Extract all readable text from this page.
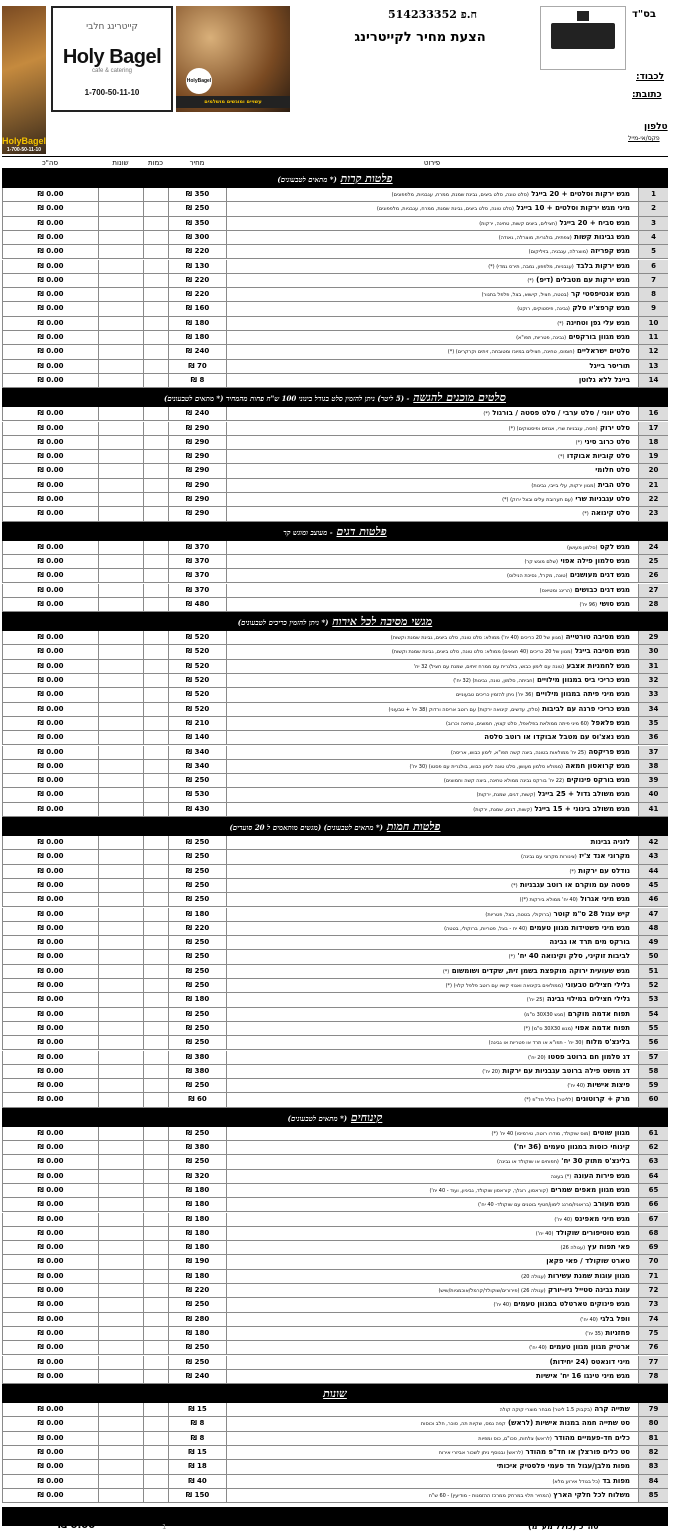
HolyBagel
1-700-50-11-10
קייטרינג חלבי
Holy Bagel
cafe & catering
1-700-50-11-10
HolyBagel
עשויים ומוגשים מושלמים
ח.פ 514233352
הצעת מחיר לקייטרינג
בס"ד
לכבוד:
כתובת:
טלפון
פקס/אי-מייל
סה"כ	שונות	כמות	מחיר	פירוט
פלטות קרות (* מתאים לטבעונים)
₪ 0.00	₪ 350	מגש ירקות וסלטים + 20 בייגל (סלט טונה, סלט ביצים, גבינת שמנת, ממרח, עגבניות, מלפפונים)	1
₪ 0.00	₪ 250	מיני מגש ירקות וסלטים + 10 בייגל (סלט טונה, סלט ביצים, גבינת שמנת, ממרח, עגבניות, מלפפונים)	2
₪ 0.00	₪ 350	מגש סביח + 20 בייגל (חצילים, ביצים קשות, טחינה, ירקות)	3
₪ 0.00	₪ 300	מגש גבינות קשות (צפתית, בולגרית, מוצרלה, גאודה)	4
₪ 0.00	₪ 220	מגש קפריזה (מוצרלה, עגבניה, בזיליקום)	5
₪ 0.00	₪ 130	מגש ירקות בלבד (עגבניות, מלפפון, גמבה, תירס גמדי) (*)	6
₪ 0.00	₪ 220	מגש ירקות עם מטבלים (דיפ) (*)	7
₪ 0.00	₪ 220	מגש אנטיפסטי קר (בטטה, חציל, קישוא, בצל, פלפל בתנור)	8
₪ 0.00	₪ 160	מגש קרפצ'יו סלק (גבינה, פיסטוקים, רוקט)	9
₪ 0.00	₪ 180	מגש עלי גפן וטחינה (*)	10
₪ 0.00	₪ 180	מגש מגוון בורקסים (גבינה, פטריות, תפו"א)	11
₪ 0.00	₪ 240	סלטים ישראליים (חומוס, טחינה, חצילים במיונז ומטובחה, זיתים וקרקרים) (*)	12
₪ 0.00	₪ 70	תוריסר בייגל	13
₪ 0.00	₪ 8	בייגל ללא גלוטן	14
סלטים מוכנים להגשה - (5 ליטר) ניתן להזמין סלט בגודל בינוני 100 ש"ח פחות מהמחיר (* מתאים לטבעונים)
₪ 0.00	₪ 240	סלט יווני / סלט ערבי / סלט פסטה / בורגול (*)	16
₪ 0.00	₪ 290	סלט ירוק (חסה, עגבניות שרי, אגוזים ופיסטוקים) (*)	17
₪ 0.00	₪ 290	סלט כרוב סיני (*)	18
₪ 0.00	₪ 290	סלט קוביות אבוקדו (*)	19
₪ 0.00	₪ 290	סלט חלומי	20
₪ 0.00	₪ 290	סלט הבית (מגוון ירקות, עלי בייבי, גבינות)	21
₪ 0.00	₪ 290	סלט עגבניות שרי (עם תערובת עלים ובצל ירוק) (*)	22
₪ 0.00	₪ 290	סלט קינואה (*)	23
פלטות דגים - מעוצב ומוגש קר
₪ 0.00	₪ 370	מגש לקס (סלמון מעושן)	24
₪ 0.00	₪ 370	מגש סלמון פילה אפוי (שלם מוגש קר)	25
₪ 0.00	₪ 370	מגש דגים מעושנים (טונה, מקרל, נסיכת הנילוס)	26
₪ 0.00	₪ 370	מגש דגים כבושים (הרינג ומטיאס)	27
₪ 0.00	₪ 480	מגש סושי (96 יח')	28
מגשי מסיבה לכל אירוח (* ניתן להזמין כריכים לטבעונים)
₪ 0.00	₪ 520	מגש מסיבה טורטייה (מגוון של 20 כריכים (40 יח') ממולא: סלט טונה, סלט ביצים, גבינת שמנת וקשות)	29
₪ 0.00	₪ 520	מגש מסיבה בייגל (מגוון של 20 כריכים (40 חצאים) ממולא: סלט טונה, סלט ביצים, גבינת שמנת וקשות)	30
₪ 0.00	₪ 520	מגש לחמניות אצבע (טונה עם לימון כבוש, בולגרית עם ממרח זיתים, שמנת עם חציל) 32 יח'	31
₪ 0.00	₪ 520	מגש כריכי ביס במגוון מילויים (חביתה, סלמון, טונה, גבינות) (32 יח')	32
₪ 0.00	₪ 520	מגש מיני פיתה במגוון מילויים (36 יח') ניתן להזמין כריכים טבעוניים	33
₪ 0.00	₪ 520	מגש כריכי פרנה עם לביבות (סלק, עדשים, קינואה ירקות) עם רוטב אריסה ורדוק (38 יח' + טבעוני)	34
₪ 0.00	₪ 210	מגש פלאפל (60 מיני פיתה ממולאת בפלאפל, סלט קצוץ, חמוצים, טחינה וכרוב)	35
₪ 0.00	₪ 140	מגש נאצ'וס עם מטבל אבוקדו או רוטב סלסה	36
₪ 0.00	₪ 340	מגש פריקסה (25 יח' ממולאות בטונה, ביצה קשה תפו"א, לימון כבוש, אריסה)	37
₪ 0.00	₪ 340	מגש קרואסון חמאה (ממולא סלמון מעושן, סלט טונה לימון כבוש, בולגרית עם פסטו) (30 יח')	38
₪ 0.00	₪ 250	מגש בורקס פינוקים (22 יח' בורקס גבינה ממולא טחינה, ביצה קשה וחמוצים)	39
₪ 0.00	₪ 530	מגש משולב גדול + 25 בייגל (קשות, דגים, שמנת, ירקות)	40
₪ 0.00	₪ 430	מגש משולב בינוני + 15 בייגל (קשות, דגים, שמנת, ירקות)	41
פלטות חמות (* מתאים לטבעונים) (מגשים מותאמים ל 20 סועדים)
₪ 0.00	₪ 250	לזניה גבינות	42
₪ 0.00	₪ 250	מקרוני אנד צ'יז (צינורות מקרוני עם גבינה)	43
₪ 0.00	₪ 250	נודלס עם ירקות (*)	44
₪ 0.00	₪ 250	פסטה עם מוקרם או רוטב עגבניות (*)	45
₪ 0.00	₪ 250	מגש מיני אגרול (40 יח' ממולא בירקות (*))	46
₪ 0.00	₪ 180	קיש עגול 28 ס"מ קוטר (ברוקולי, בטטה, בצל, פטריות)	47
₪ 0.00	₪ 220	מגש מיני פשטידות מגוון טעמים (40 יח - בצל, פטריות, ברוקולי, בטטה)	48
₪ 0.00	₪ 250	בורקס מים תרד או גבינה	49
₪ 0.00	₪ 250	לביבות זוקיני, סלק וקינואה 40 יח' (*)	50
₪ 0.00	₪ 250	מגש שעועית ירוקה מוקפצת בשמן זית, שקדים ושומשום (*)	51
₪ 0.00	₪ 250	גלילי חצילים טבעוני (ממולאים בקינואה ואגוזי קשיו עם רוטב פלפל קלוי) (*)	52
₪ 0.00	₪ 180	גלילי חצילים במילוי גבינה (25 יח')	53
₪ 0.00	₪ 250	תפוח אדמה מוקרם (מגש 30X30 ס"מ)	54
₪ 0.00	₪ 250	תפוח אדמה אפוי (מגש 30X30 ס"מ) (*)	55
₪ 0.00	₪ 250	בלינצ'ס מלוח (30 יח' - תפו"א או תרד או פטריות או גבינה)	56
₪ 0.00	₪ 380	דג סלמון חם ברוטב פסטו (20 יח')	57
₪ 0.00	₪ 380	דג מושט פילה ברוטב עגבניות עם ירקות (20 יח')	58
₪ 0.00	₪ 250	פיצות אישיות (40 יח')	59
₪ 0.00	₪ 60	מרק + קרוטונים (לליטר) כולל חד"פ (*)	60
קינוחים (* מתאים לטבעונים)
₪ 0.00	₪ 250	מגוון שוטים (מוס שוקולד, מודרו רוטה, טירמיסו) 40 יח' (*)	61
₪ 0.00	₪ 380	קינוחי כוסות במגוון טעמים (36 יח')	62
₪ 0.00	₪ 250	בלינצ'ס מתוק 30 יח' (תפוחים או שוקולד או גבינה)	63
₪ 0.00	₪ 320	מגש פירות העונה (*) בעונה	64
₪ 0.00	₪ 180	מגש מגוון מאפים שמרים (קוראסון, רוגלך, קוראסון שוקולד, גביניון, ועוד - 40 יח')	65
₪ 0.00	₪ 180	מגש מעורב (בראוניז/מרנג לימון/חטיף בוטנים עם שוקולד- 40 יח')	66
₪ 0.00	₪ 180	מגש מיני מאפינס (40 יח')	67
₪ 0.00	₪ 180	מגש טוטיפורים שוקולד (40 יח')	68
₪ 0.00	₪ 180	פאי תפוח עץ (עגולה 26)	69
₪ 0.00	₪ 190	טארט שוקולד / פאי פקאן	70
₪ 0.00	₪ 180	מגוון עוגות שמנת עשירות (עגולה 20)	71
₪ 0.00	₪ 220	עוגת גבינה סטייל ניו-יורק (עגולה 26) (פירורים/שוקולד/קרמל/אוכמניות/שיש)	72
₪ 0.00	₪ 250	מגש פינוקים טארטלט במגוון טעמים (40 יח')	73
₪ 0.00	₪ 280	וופל בלגי (40 יח')	74
₪ 0.00	₪ 180	פחזניות (35 יח')	75
₪ 0.00	₪ 250	ארטיק מגוון מגוון טעמים (40 יח')	76
₪ 0.00	₪ 250	מיני דונאטס (24 יחידות)	77
₪ 0.00	₪ 240	מגש מיני טינגו 16 יח' אישיות	78
שונות
₪ 0.00	₪ 15	שתייה קרה (בקבוק 1.5 ליטר) מבחר מוצרי קוקה קולה	79
₪ 0.00	₪ 8	סט שתייה חמה במנות אישיות (לראש) קפה נמס, שקיות תה, סוכר, חלב וכוסות	80
₪ 0.00	₪ 8	כלים חד-פעמיים מהודר (לראש) צלחות, סכו"ם, כוס ומפיות	81
₪ 0.00	₪ 15	סט כלים פורצלן או חד"פ מהודר (לראש) ובנוסף ניתן לשכור אביזרי אירוח	82
₪ 0.00	₪ 18	מפות מלבן/עגול חד פעמי פלסטיק איכותי	83
₪ 0.00	₪ 40	מפות בד (כל בגודל אירוע מלא)	84
₪ 0.00	₪ 150	משלוח לכל חלקי הארץ (המחיר תלוי במרחק ממרכז ההזמנות - מודיעין) - 60 ש"ח	85
סה"כ (כולל מע"מ)
1
₪ 0.00
